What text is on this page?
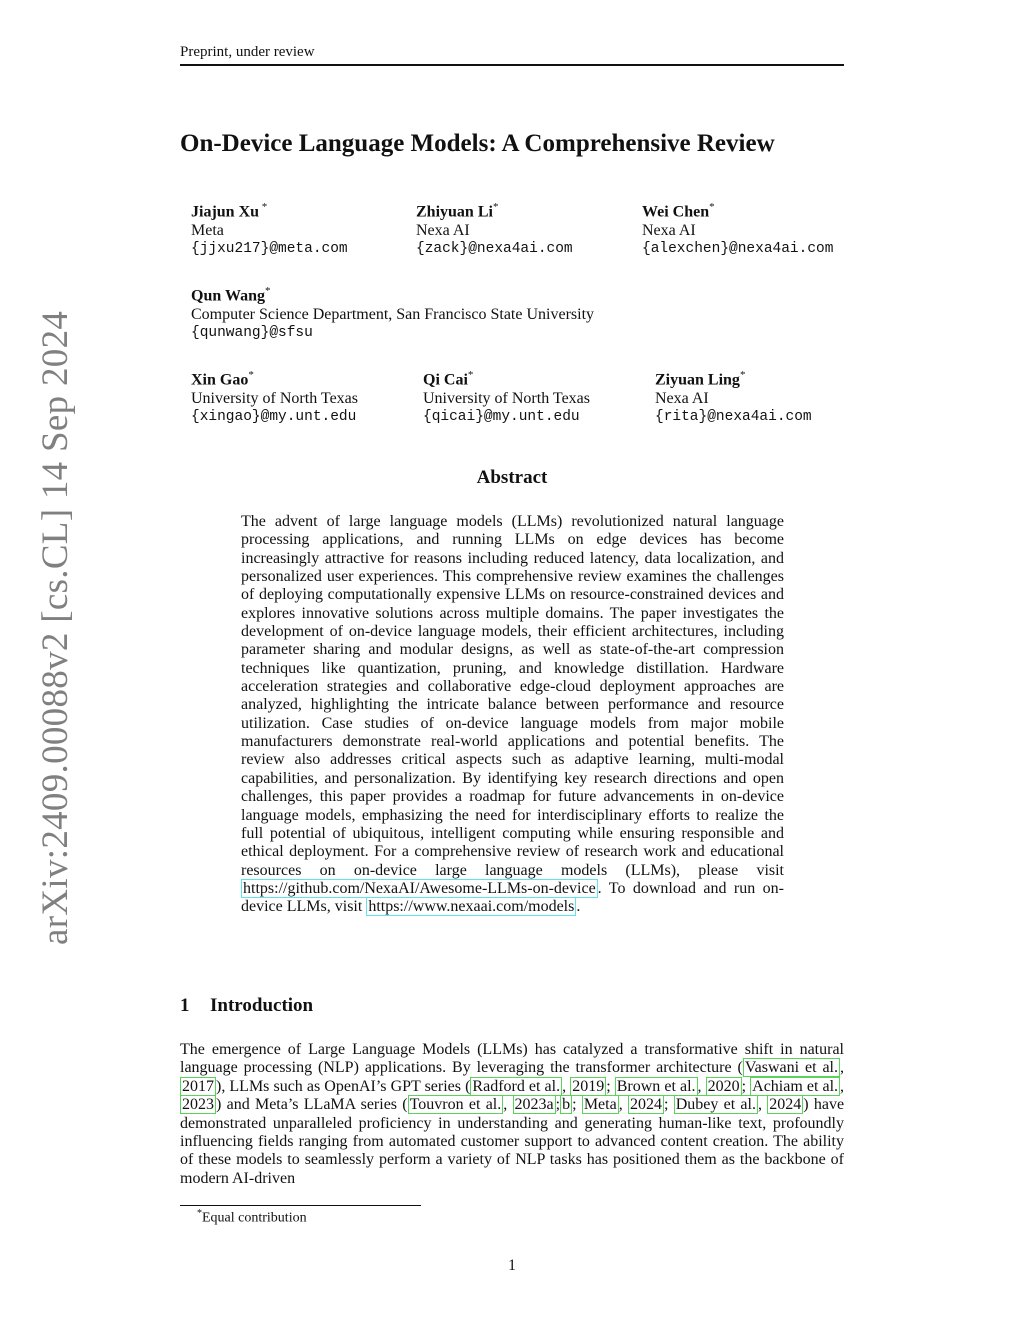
Preprint, under review
arXiv:2409.00088v2 [cs.CL] 14 Sep 2024
On-Device Language Models: A Comprehensive Review
Jiajun Xu *
Meta
{jjxu217}@meta.com
Zhiyuan Li*
Nexa AI
{zack}@nexa4ai.com
Wei Chen*
Nexa AI
{alexchen}@nexa4ai.com
Qun Wang*
Computer Science Department, San Francisco State University
{qunwang}@sfsu
Xin Gao*
University of North Texas
{xingao}@my.unt.edu
Qi Cai*
University of North Texas
{qicai}@my.unt.edu
Ziyuan Ling*
Nexa AI
{rita}@nexa4ai.com
Abstract

The advent of large language models (LLMs) revolutionized natural language processing applications, and running LLMs on edge devices has become increasingly attractive for reasons including reduced latency, data localization, and personalized user experiences. This comprehensive review examines the challenges of deploying computationally expensive LLMs on resource-constrained devices and explores innovative solutions across multiple domains. The paper investigates the development of on-device language models, their efficient architectures, including parameter sharing and modular designs, as well as state-of-the-art compression techniques like quantization, pruning, and knowledge distillation. Hardware acceleration strategies and collaborative edge-cloud deployment approaches are analyzed, highlighting the intricate balance between performance and resource utilization. Case studies of on-device language models from major mobile manufacturers demonstrate real-world applications and potential benefits. The review also addresses critical aspects such as adaptive learning, multi-modal capabilities, and personalization. By identifying key research directions and open challenges, this paper provides a roadmap for future advancements in on-device language models, emphasizing the need for interdisciplinary efforts to realize the full potential of ubiquitous, intelligent computing while ensuring responsible and ethical deployment. For a comprehensive review of research work and educational resources on on-device large language models (LLMs), please visit https://github.com/NexaAI/Awesome-LLMs-on-device . To download and run on-device LLMs, visit https://www.nexaai.com/models .

1 Introduction

The emergence of Large Language Models (LLMs) has catalyzed a transformative shift in natural language processing (NLP) applications. By leveraging the transformer architecture ( Vaswani et al. , 2017 ), LLMs such as OpenAI’s GPT series ( Radford et al. , 2019 ; Brown et al. , 2020 ; Achiam et al. , 2023 ) and Meta’s LLaMA series ( Touvron et al. , 2023a ; b ; Meta , 2024 ; Dubey et al. , 2024 ) have demonstrated unparalleled proficiency in understanding and generating human-like text, profoundly influencing fields ranging from automated customer support to advanced content creation. The ability of these models to seamlessly perform a variety of NLP tasks has positioned them as the backbone of modern AI-driven

*Equal contribution
1
